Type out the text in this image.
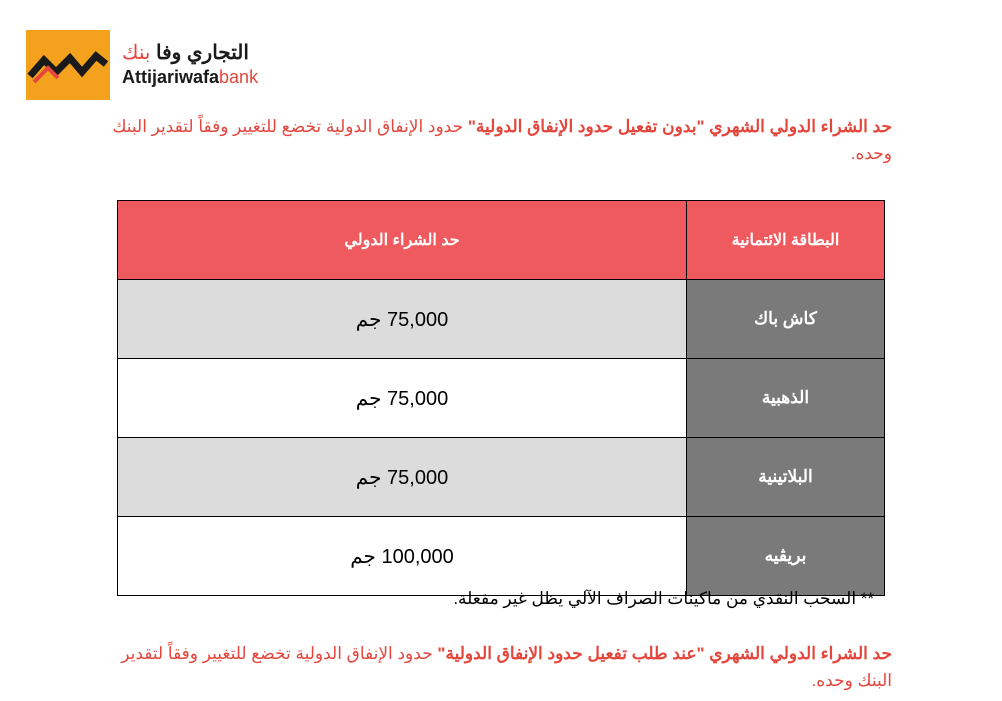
التجاري وفا بنك
Attijariwafabank
حد الشراء الدولي الشهري "بدون تفعيل حدود الإنفاق الدولية" حدود الإنفاق الدولية تخضع للتغيير وفقاً لتقدير البنك وحده.
البطاقة الائتمانية	حد الشراء الدولي
كاش باك	75,000 جم
الذهبية	75,000 جم
البلاتينية	75,000 جم
بريڤيه	100,000 جم
** السحب النقدي من ماكينات الصراف الآلي يظل غير مفعلة.
حد الشراء الدولي الشهري "عند طلب تفعيل حدود الإنفاق الدولية" حدود الإنفاق الدولية تخضع للتغيير وفقاً لتقدير البنك وحده.
